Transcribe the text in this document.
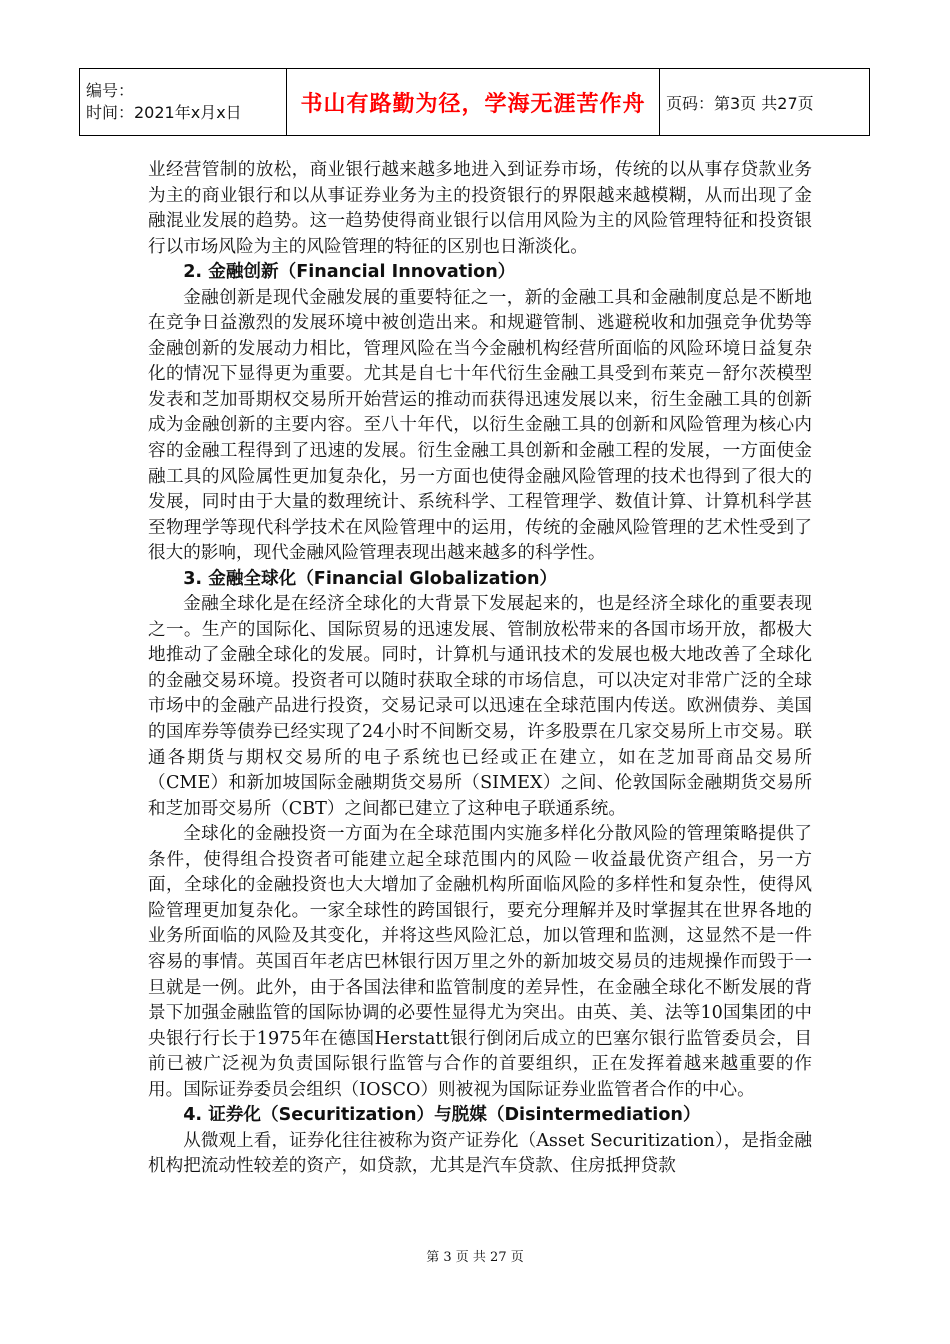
编号：
时间：2021年x月x日	书山有路勤为径，学海无涯苦作舟	页码：第3页 共27页

业经营管制的放松，商业银行越来越多地进入到证券市场，传统的以从事存贷款业务为主的商业银行和以从事证券业务为主的投资银行的界限越来越模糊，从而出现了金融混业发展的趋势。这一趋势使得商业银行以信用风险为主的风险管理特征和投资银行以市场风险为主的风险管理的特征的区别也日渐淡化。

2. 金融创新（Financial Innovation）

金融创新是现代金融发展的重要特征之一，新的金融工具和金融制度总是不断地在竞争日益激烈的发展环境中被创造出来。和规避管制、逃避税收和加强竞争优势等金融创新的发展动力相比，管理风险在当今金融机构经营所面临的风险环境日益复杂化的情况下显得更为重要。尤其是自七十年代衍生金融工具受到布莱克－舒尔茨模型发表和芝加哥期权交易所开始营运的推动而获得迅速发展以来，衍生金融工具的创新成为金融创新的主要内容。至八十年代，以衍生金融工具的创新和风险管理为核心内容的金融工程得到了迅速的发展。衍生金融工具创新和金融工程的发展，一方面使金融工具的风险属性更加复杂化，另一方面也使得金融风险管理的技术也得到了很大的发展，同时由于大量的数理统计、系统科学、工程管理学、数值计算、计算机科学甚至物理学等现代科学技术在风险管理中的运用，传统的金融风险管理的艺术性受到了很大的影响，现代金融风险管理表现出越来越多的科学性。

3. 金融全球化（Financial Globalization）

金融全球化是在经济全球化的大背景下发展起来的，也是经济全球化的重要表现之一。生产的国际化、国际贸易的迅速发展、管制放松带来的各国市场开放，都极大地推动了金融全球化的发展。同时，计算机与通讯技术的发展也极大地改善了全球化的金融交易环境。投资者可以随时获取全球的市场信息，可以决定对非常广泛的全球市场中的金融产品进行投资，交易记录可以迅速在全球范围内传送。欧洲债券、美国的国库券等债券已经实现了24小时不间断交易，许多股票在几家交易所上市交易。联通各期货与期权交易所的电子系统也已经或正在建立，如在芝加哥商品交易所（CME）和新加坡国际金融期货交易所（SIMEX）之间、伦敦国际金融期货交易所和芝加哥交易所（CBT）之间都已建立了这种电子联通系统。

全球化的金融投资一方面为在全球范围内实施多样化分散风险的管理策略提供了条件，使得组合投资者可能建立起全球范围内的风险－收益最优资产组合，另一方面，全球化的金融投资也大大增加了金融机构所面临风险的多样性和复杂性，使得风险管理更加复杂化。一家全球性的跨国银行，要充分理解并及时掌握其在世界各地的业务所面临的风险及其变化，并将这些风险汇总，加以管理和监测，这显然不是一件容易的事情。英国百年老店巴林银行因万里之外的新加坡交易员的违规操作而毁于一旦就是一例。此外，由于各国法律和监管制度的差异性，在金融全球化不断发展的背景下加强金融监管的国际协调的必要性显得尤为突出。由英、美、法等10国集团的中央银行行长于1975年在德国Herstatt银行倒闭后成立的巴塞尔银行监管委员会，目前已被广泛视为负责国际银行监管与合作的首要组织，正在发挥着越来越重要的作用。国际证券委员会组织（IOSCO）则被视为国际证券业监管者合作的中心。

4. 证券化（Securitization）与脱媒（Disintermediation）

从微观上看，证券化往往被称为资产证券化（Asset Securitization），是指金融机构把流动性较差的资产，如贷款，尤其是汽车贷款、住房抵押贷款

第 3 页 共 27 页
